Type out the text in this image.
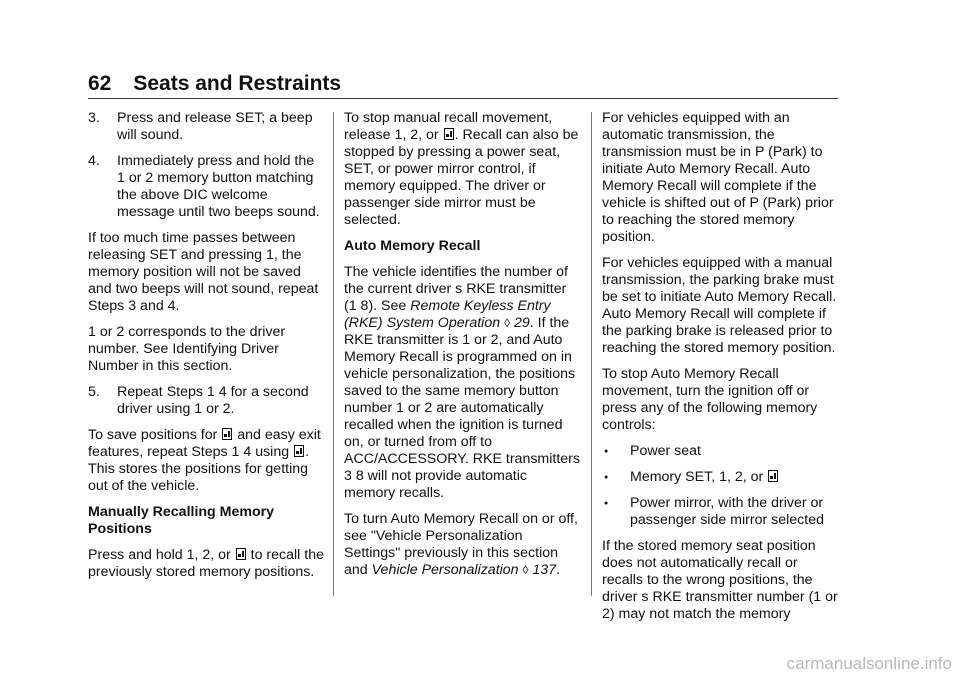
62 Seats and Restraints
3.	Press and release SET; a beep will sound.
4.	Immediately press and hold the 1 or 2 memory button matching the above DIC welcome message until two beeps sound.

If too much time passes between releasing SET and pressing 1, the memory position will not be saved and two beeps will not sound, repeat Steps 3 and 4.

1 or 2 corresponds to the driver number. See Identifying Driver Number in this section.

5.	Repeat Steps 1 4 for a second driver using 1 or 2.

To save positions for and easy exit features, repeat Steps 1 4 using . This stores the positions for getting out of the vehicle.

Manually Recalling Memory Positions

Press and hold 1, 2, or to recall the previously stored memory positions.

To stop manual recall movement, release 1, 2, or . Recall can also be stopped by pressing a power seat, SET, or power mirror control, if memory equipped. The driver or passenger side mirror must be selected.

Auto Memory Recall

The vehicle identifies the number of the current driver s RKE transmitter (1 8). See Remote Keyless Entry (RKE) System Operation ◊ 29. If the RKE transmitter is 1 or 2, and Auto Memory Recall is programmed on in vehicle personalization, the positions saved to the same memory button number 1 or 2 are automatically recalled when the ignition is turned on, or turned from off to ACC/ACCESSORY. RKE transmitters 3 8 will not provide automatic memory recalls.

To turn Auto Memory Recall on or off, see "Vehicle Personalization Settings" previously in this section and Vehicle Personalization ◊ 137.

For vehicles equipped with an automatic transmission, the transmission must be in P (Park) to initiate Auto Memory Recall. Auto Memory Recall will complete if the vehicle is shifted out of P (Park) prior to reaching the stored memory position.

For vehicles equipped with a manual transmission, the parking brake must be set to initiate Auto Memory Recall. Auto Memory Recall will complete if the parking brake is released prior to reaching the stored memory position.

To stop Auto Memory Recall movement, turn the ignition off or press any of the following memory controls:

●	Power seat
●	Memory SET, 1, 2, or
●	Power mirror, with the driver or passenger side mirror selected

If the stored memory seat position does not automatically recall or recalls to the wrong positions, the driver s RKE transmitter number (1 or 2) may not match the memory

carmanualsonline.info
